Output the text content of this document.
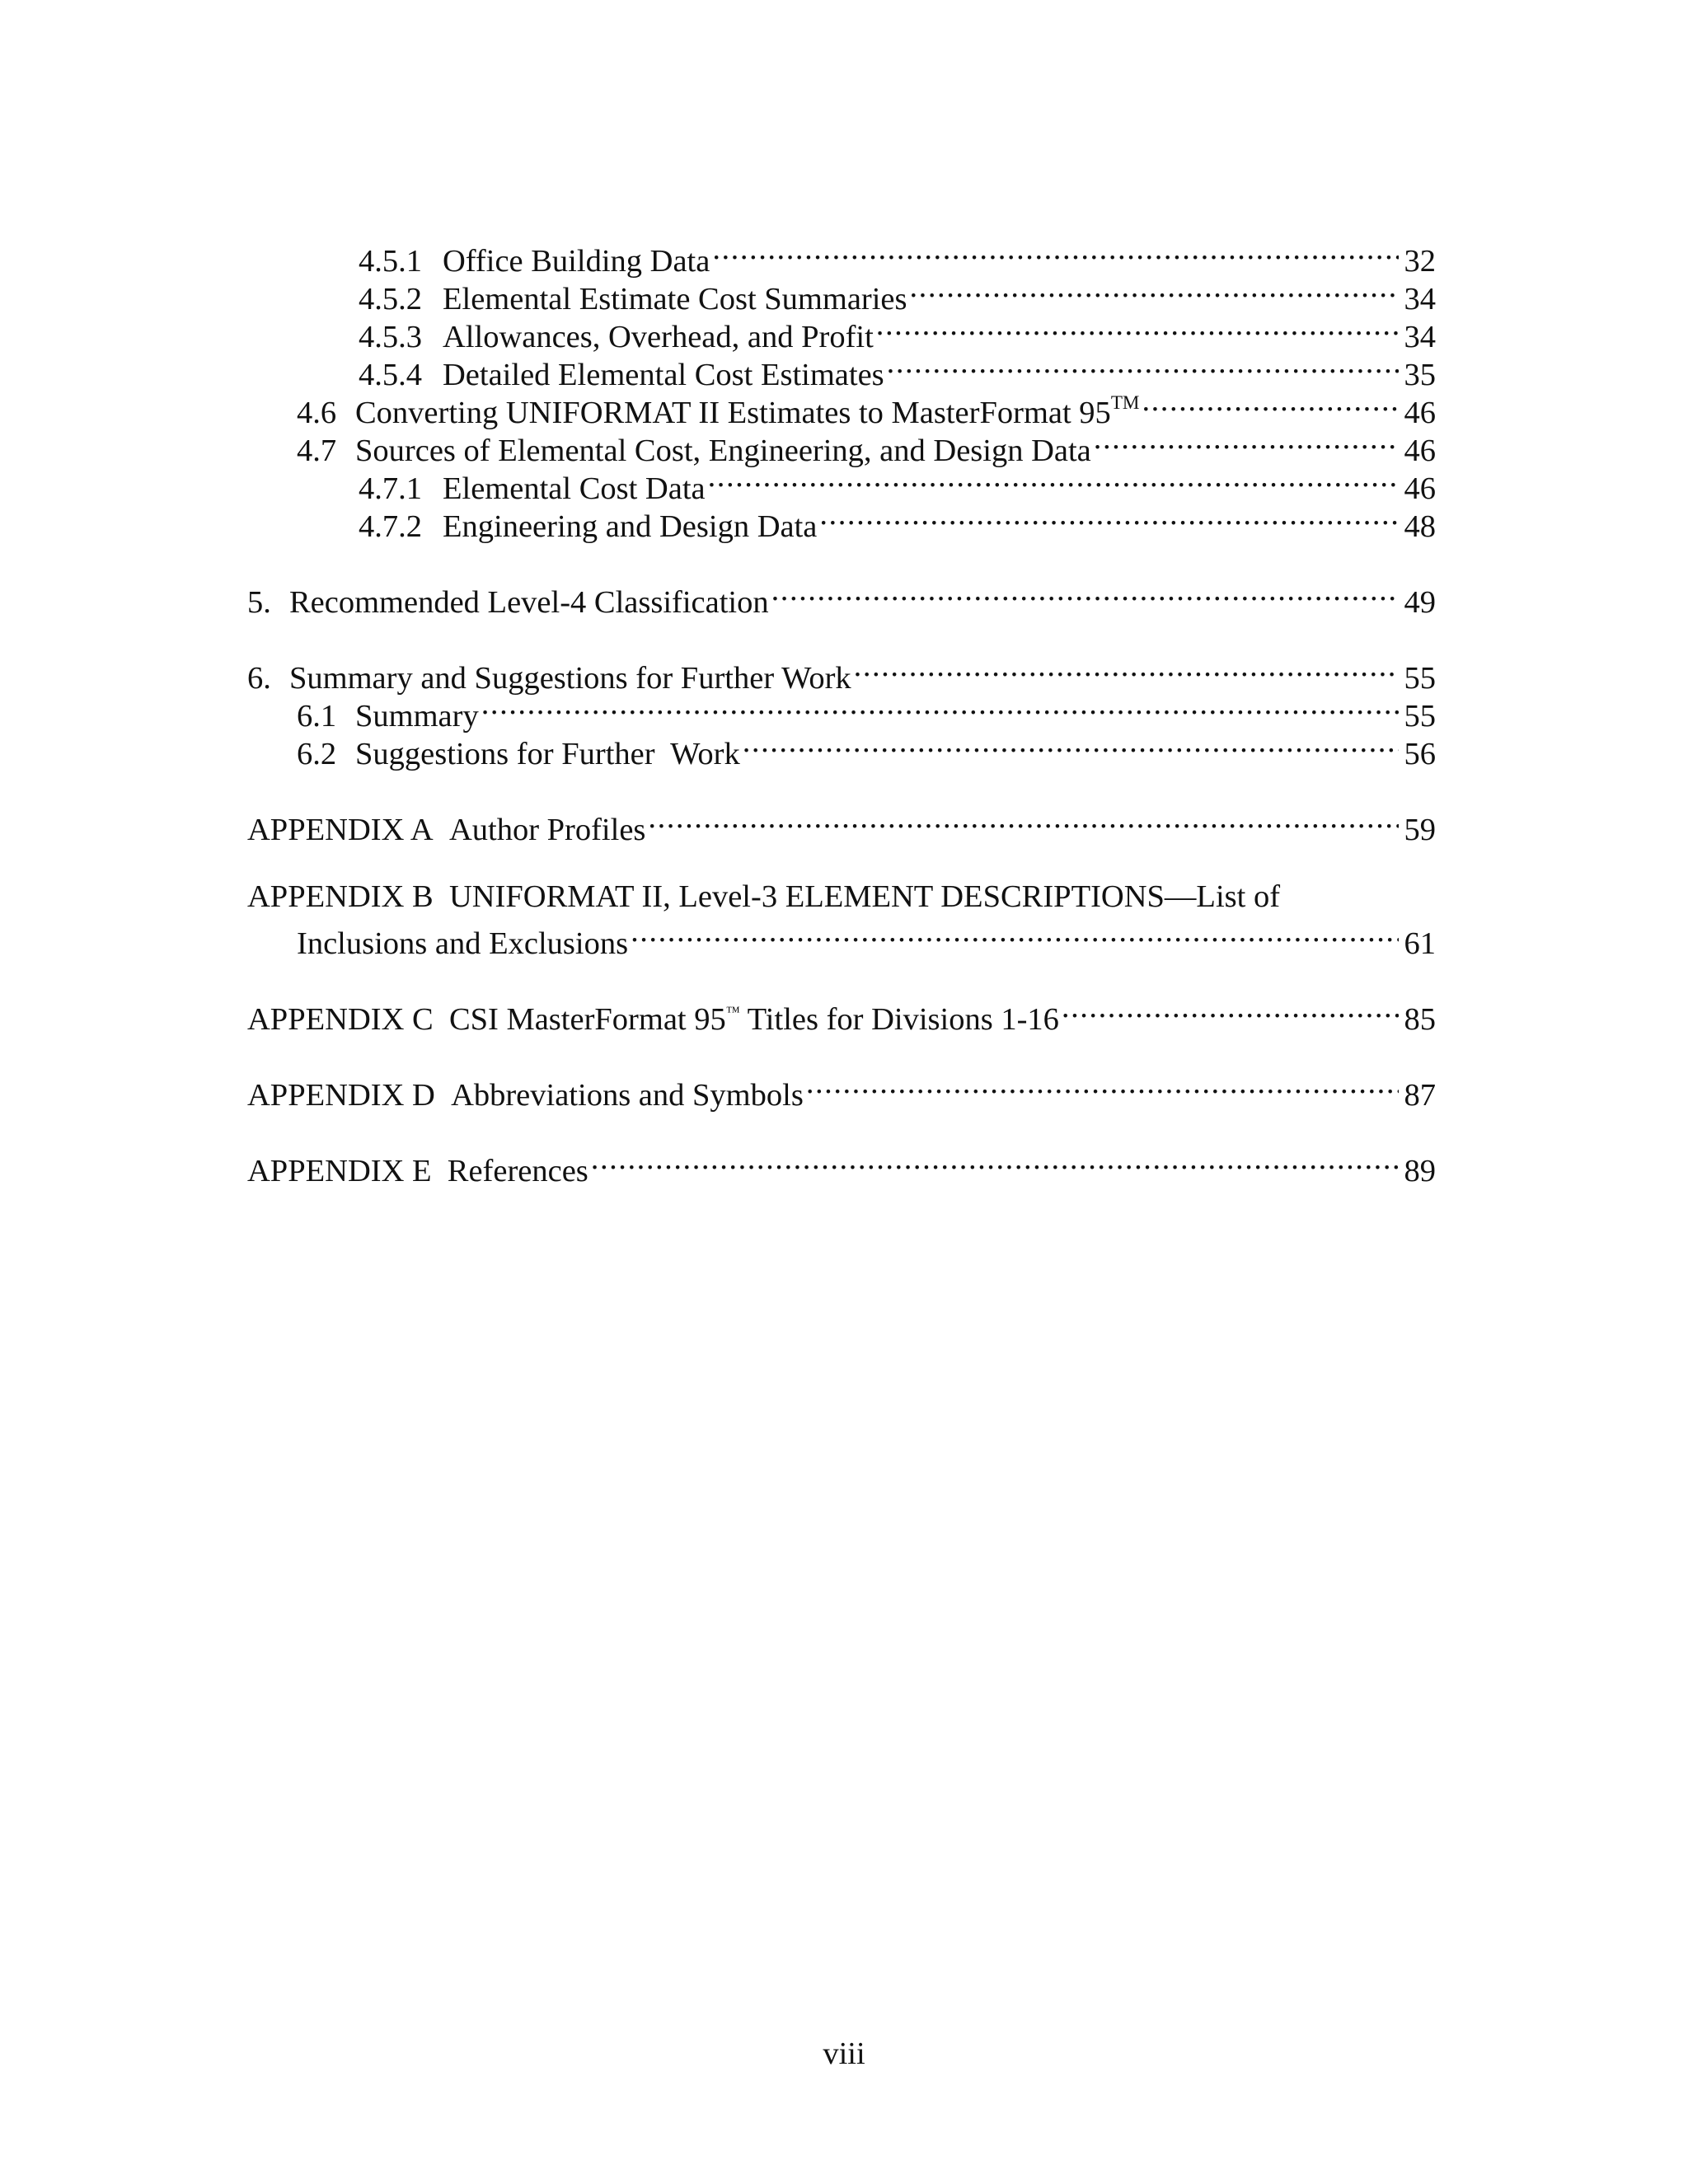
4.5.1 Office Building Data .....	32
4.5.2 Elemental Estimate Cost Summaries .....	34
4.5.3 Allowances, Overhead, and Profit .....	34
4.5.4 Detailed Elemental Cost Estimates .....	35
4.6 Converting UNIFORMAT II Estimates to MasterFormat 95™ .....	46
4.7 Sources of Elemental Cost, Engineering, and Design Data .....	46
4.7.1 Elemental Cost Data .....	46
4.7.2 Engineering and Design Data .....	48
5. Recommended Level-4 Classification .....	49
6. Summary and Suggestions for Further Work .....	55
6.1 Summary .....	55
6.2 Suggestions for Further  Work .....	56
APPENDIX A Author Profiles .....	59
APPENDIX B UNIFORMAT II, Level-3 ELEMENT DESCRIPTIONS—List of
Inclusions and Exclusions .....	61
APPENDIX C CSI MasterFormat 95™ Titles for Divisions 1-16 .....	85
APPENDIX D Abbreviations and Symbols .....	87
APPENDIX E References .....	89
viii
